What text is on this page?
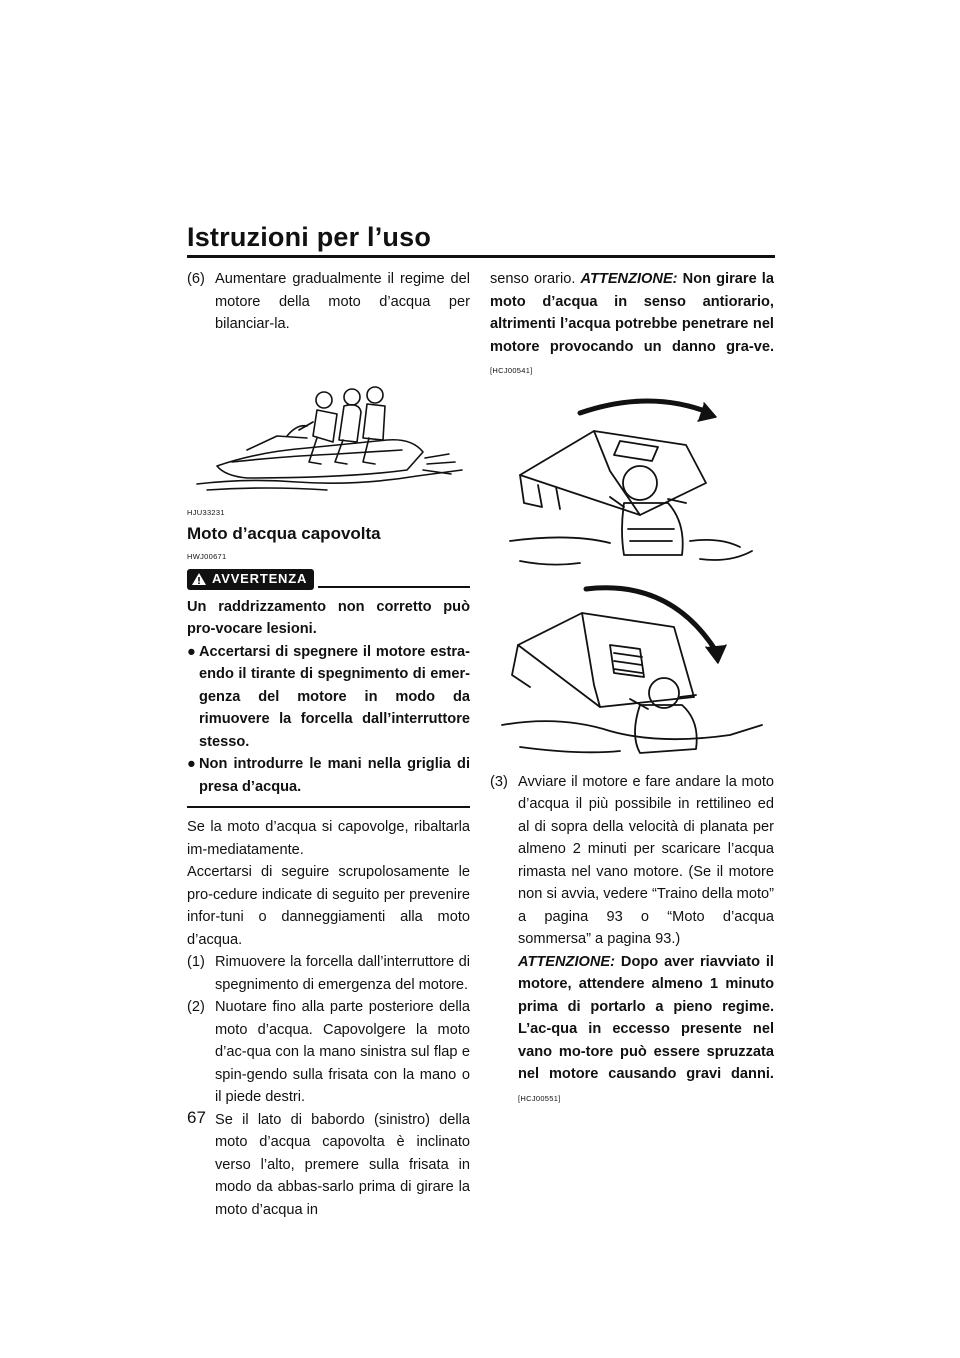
Istruzioni per l’uso

(6) Aumentare gradualmente il regime del motore della moto d’acqua per bilanciar-la.

HJU33231
Moto d’acqua capovolta
HWJ00671
AVVERTENZA

Un raddrizzamento non corretto può pro-vocare lesioni.

● Accertarsi di spegnere il motore estra-endo il tirante di spegnimento di emer-genza del motore in modo da rimuovere la forcella dall’interruttore stesso.

● Non introdurre le mani nella griglia di presa d’acqua.

Se la moto d’acqua si capovolge, ribaltarla im-mediatamente.

Accertarsi di seguire scrupolosamente le pro-cedure indicate di seguito per prevenire infor-tuni o danneggiamenti alla moto d’acqua.

(1) Rimuovere la forcella dall’interruttore di spegnimento di emergenza del motore.

(2) Nuotare fino alla parte posteriore della moto d’acqua. Capovolgere la moto d’ac-qua con la mano sinistra sul flap e spin-gendo sulla frisata con la mano o il piede destri.
Se il lato di babordo (sinistro) della moto d’acqua capovolta è inclinato verso l’alto, premere sulla frisata in modo da abbas-sarlo prima di girare la moto d’acqua in

senso orario. ATTENZIONE: Non girare la moto d’acqua in senso antiorario, altrimenti l’acqua potrebbe penetrare nel motore provocando un danno gra-ve. [HCJ00541]

(3) Avviare il motore e fare andare la moto d’acqua il più possibile in rettilineo ed al di sopra della velocità di planata per almeno 2 minuti per scaricare l’acqua rimasta nel vano motore. (Se il motore non si avvia, vedere “Traino della moto” a pagina 93 o “Moto d’acqua sommersa” a pagina 93.)
ATTENZIONE: Dopo aver riavviato il motore, attendere almeno 1 minuto prima di portarlo a pieno regime. L’ac-qua in eccesso presente nel vano mo-tore può essere spruzzata nel motore causando gravi danni. [HCJ00551]

67
